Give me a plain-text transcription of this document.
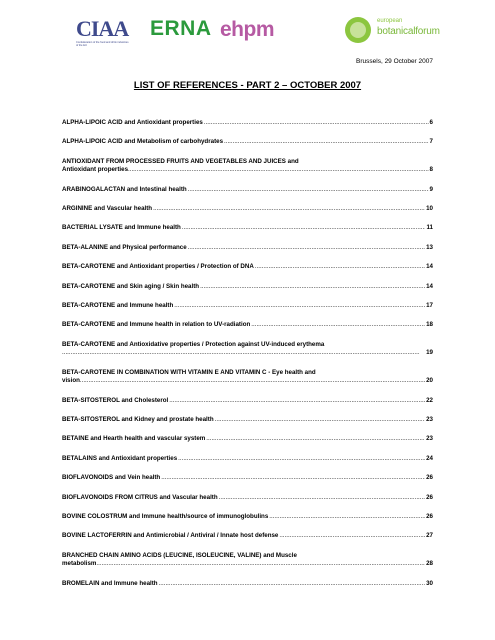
CIAA
Confederation of the food and drink industries of the EU
ERNA ehpm	european
botanicalforum
Brussels, 29 October 2007
LIST OF REFERENCES - PART 2 – OCTOBER 2007
ALPHA-LIPOIC ACID and Antioxidant properties .....	6
ALPHA-LIPOIC ACID and Metabolism of carbohydrates .....	7
ANTIOXIDANT FROM PROCESSED FRUITS AND VEGETABLES AND JUICES and
Antioxidant properties .....	8
ARABINOGALACTAN and Intestinal health .....	9
ARGININE and Vascular health .....	10
BACTERIAL LYSATE and Immune health .....	11
BETA-ALANINE and Physical performance .....	13
BETA-CAROTENE and Antioxidant properties / Protection of DNA .....	14
BETA-CAROTENE and Skin aging / Skin health .....	14
BETA-CAROTENE and Immune health .....	17
BETA-CAROTENE and Immune health in relation to UV-radiation .....	18
BETA-CAROTENE and Antioxidative properties / Protection against UV-induced erythema
.....
19
BETA-CAROTENE IN COMBINATION WITH VITAMIN E AND VITAMIN C - Eye health and
vision .....	20
BETA-SITOSTEROL and Cholesterol .....	22
BETA-SITOSTEROL and Kidney and prostate health .....	23
BETAINE and Hearth health and vascular system .....	23
BETALAINS and Antioxidant properties .....	24
BIOFLAVONOIDS and Vein health .....	26
BIOFLAVONOIDS FROM CITRUS and Vascular health .....	26
BOVINE COLOSTRUM and Immune health/source of immunoglobulins .....	26
BOVINE LACTOFERRIN and Antimicrobial / Antiviral / Innate host defense .....	27
BRANCHED CHAIN AMINO ACIDS (LEUCINE, ISOLEUCINE, VALINE) and Muscle
metabolism .....	28
BROMELAIN and Immune health .....	30
